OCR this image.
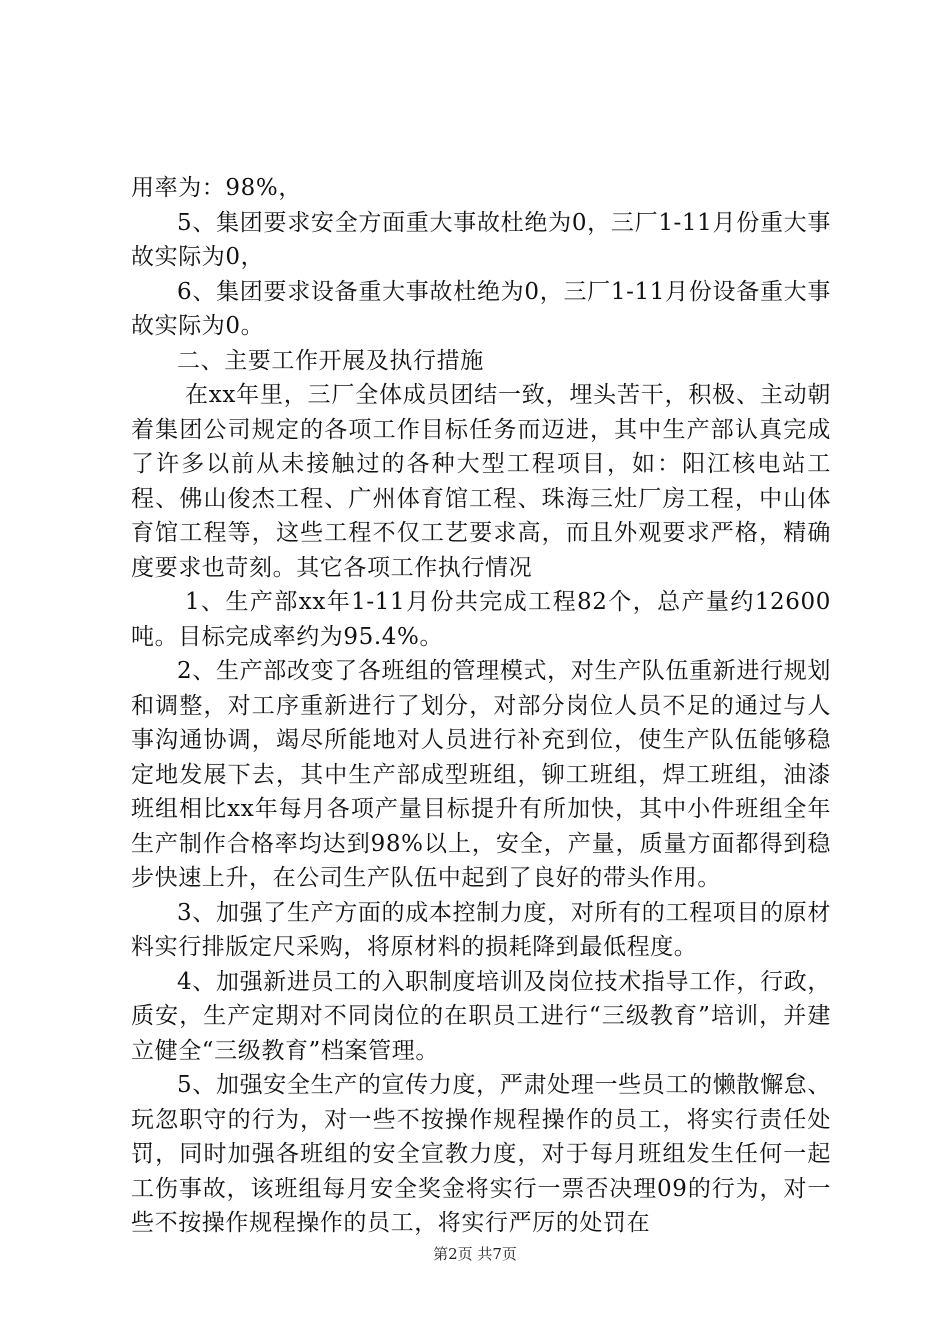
用率为：98%，

5、集团要求安全方面重大事故杜绝为0，三厂1-11月份重大事故实际为0，

6、集团要求设备重大事故杜绝为0，三厂1-11月份设备重大事故实际为0。

二、主要工作开展及执行措施

在xx年里，三厂全体成员团结一致，埋头苦干，积极、主动朝着集团公司规定的各项工作目标任务而迈进，其中生产部认真完成了许多以前从未接触过的各种大型工程项目，如：阳江核电站工程、佛山俊杰工程、广州体育馆工程、珠海三灶厂房工程，中山体育馆工程等，这些工程不仅工艺要求高，而且外观要求严格，精确度要求也苛刻。其它各项工作执行情况

1、生产部xx年1-11月份共完成工程82个，总产量约12600吨。目标完成率约为95.4%。

2、生产部改变了各班组的管理模式，对生产队伍重新进行规划和调整，对工序重新进行了划分，对部分岗位人员不足的通过与人事沟通协调，竭尽所能地对人员进行补充到位，使生产队伍能够稳定地发展下去，其中生产部成型班组，铆工班组，焊工班组，油漆班组相比xx年每月各项产量目标提升有所加快，其中小件班组全年生产制作合格率均达到98%以上，安全，产量，质量方面都得到稳步快速上升，在公司生产队伍中起到了良好的带头作用。

3、加强了生产方面的成本控制力度，对所有的工程项目的原材料实行排版定尺采购，将原材料的损耗降到最低程度。

4、加强新进员工的入职制度培训及岗位技术指导工作，行政，质安，生产定期对不同岗位的在职员工进行“三级教育”培训，并建立健全“三级教育”档案管理。

5、加强安全生产的宣传力度，严肃处理一些员工的懒散懈怠、玩忽职守的行为，对一些不按操作规程操作的员工，将实行责任处罚，同时加强各班组的安全宣教力度，对于每月班组发生任何一起工伤事故，该班组每月安全奖金将实行一票否决理09的行为，对一些不按操作规程操作的员工，将实行严厉的处罚在

第2页 共7页
